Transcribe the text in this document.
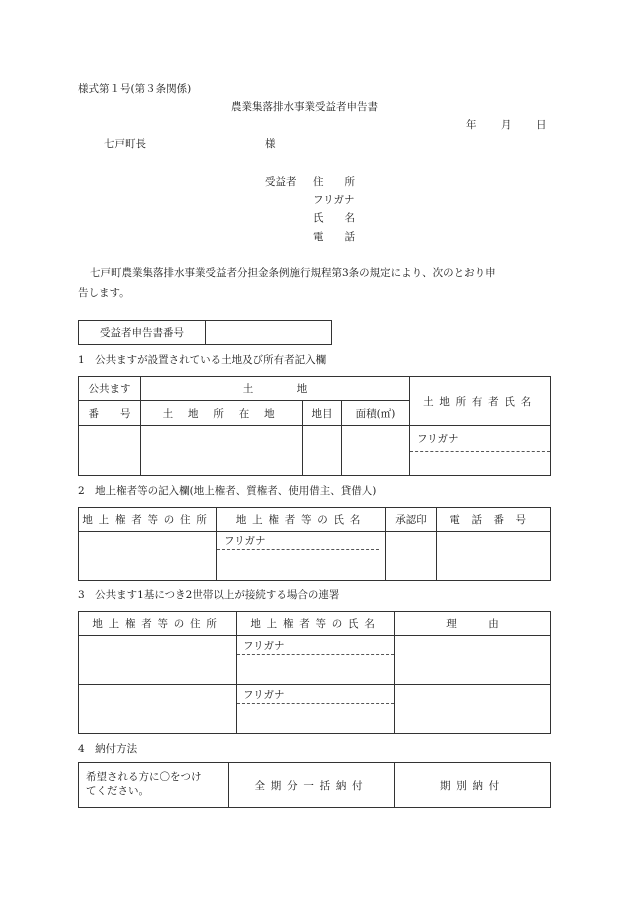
様式第１号(第３条関係)
農業集落排水事業受益者申告書
年 月 日
七戸町長	様
受益者 住　　所
フリガナ
氏　　名
電　　話
七戸町農業集落排水事業受益者分担金条例施行規程第3条の規定により、次のとおり申
告します。
受益者申告書番号	
1　公共ますが設置されている土地及び所有者記入欄
公共ます	土 地			土地所有者氏名
番　　号	土 地 所 在 地	地目	面積(㎡)	

フリガナ
2　地上権者等の記入欄(地上権者、質権者、使用借主、貸借人)
地上権者等の住所	地上権者等の氏名	承認印	電話番号

フリガナ		

3　公共ます1基につき2世帯以上が接続する場合の連署
地上権者等の住所	地上権者等の氏名	理　　　由

フリガナ	

フリガナ	

4　納付方法
希望される方に〇をつけ
てください。	全期分一括納付	期別納付
